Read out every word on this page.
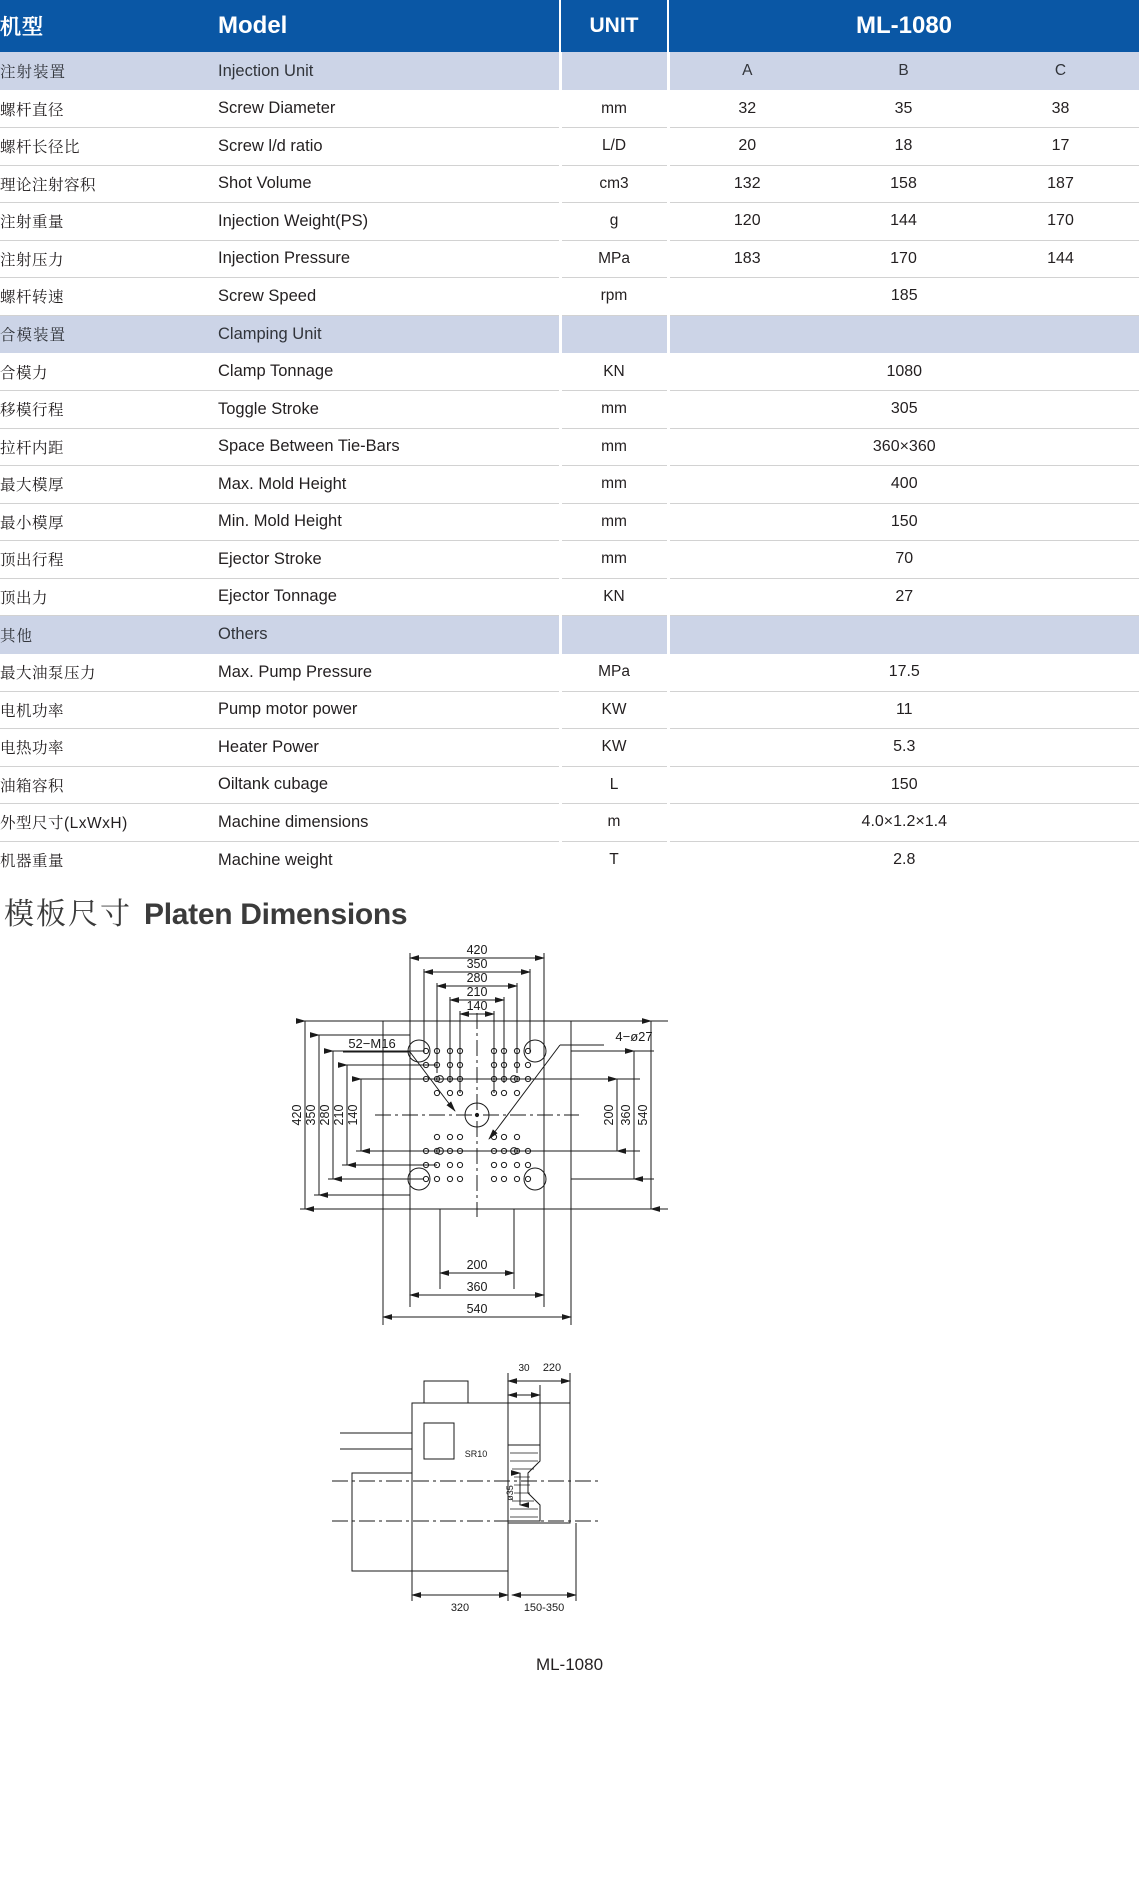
机型	Model	UNIT	ML-1080		
注射装置	Injection Unit		A	B	C
螺杆直径	Screw Diameter	mm	32	35	38
螺杆长径比	Screw l/d ratio	L/D	20	18	17
理论注射容积	Shot Volume	cm3	132	158	187
注射重量	Injection Weight(PS)	g	120	144	170
注射压力	Injection Pressure	MPa	183	170	144
螺杆转速	Screw Speed	rpm	185		
合模装置	Clamping Unit				
合模力	Clamp Tonnage	KN	1080		
移模行程	Toggle Stroke	mm	305		
拉杆内距	Space Between Tie-Bars	mm	360×360		
最大模厚	Max. Mold Height	mm	400		
最小模厚	Min. Mold Height	mm	150		
顶出行程	Ejector Stroke	mm	70		
顶出力	Ejector Tonnage	KN	27		
其他	Others				
最大油泵压力	Max. Pump Pressure	MPa	17.5		
电机功率	Pump motor power	KW	11		
电热功率	Heater Power	KW	5.3		
油箱容积	Oiltank cubage	L	150		
外型尺寸(LxWxH)	Machine dimensions	m	4.0×1.2×1.4		
机器重量	Machine weight	T	2.8		
模板尺寸 Platen Dimensions
420
350
280
210
140
420 350 280 210 140	200 360 540
200
360
540
52−M16	4−ø27
220
30
SR10
ø35
320	150-350
ML-1080
